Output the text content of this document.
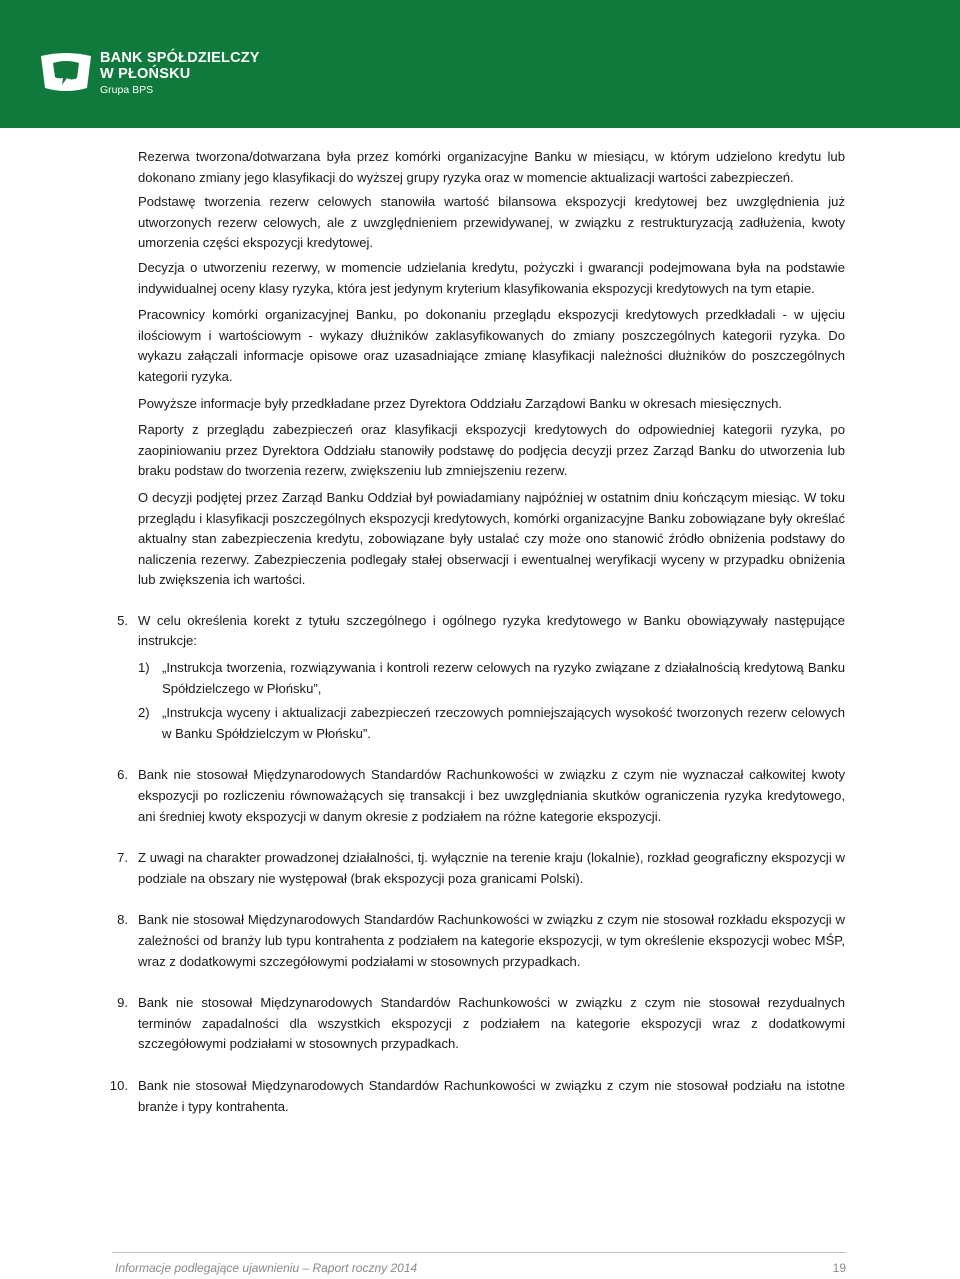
BANK SPÓŁDZIELCZY
W PŁOŃSKU
Grupa BPS

Rezerwa tworzona/dotwarzana była przez komórki organizacyjne Banku w miesiącu, w którym udzielono kredytu lub dokonano zmiany jego klasyfikacji do wyższej grupy ryzyka oraz w momencie aktualizacji wartości zabezpieczeń.

Podstawę tworzenia rezerw celowych stanowiła wartość bilansowa ekspozycji kredytowej bez uwzględnienia już utworzonych rezerw celowych, ale z uwzględnieniem przewidywanej, w związku z restrukturyzacją zadłużenia, kwoty umorzenia części ekspozycji kredytowej.

Decyzja o utworzeniu rezerwy, w momencie udzielania kredytu, pożyczki i gwarancji podejmowana była na podstawie indywidualnej oceny klasy ryzyka, która jest jedynym kryterium klasyfikowania ekspozycji kredytowych na tym etapie.

Pracownicy komórki organizacyjnej Banku, po dokonaniu przeglądu ekspozycji kredytowych przedkładali - w ujęciu ilościowym i wartościowym - wykazy dłużników zaklasyfikowanych do zmiany poszczególnych kategorii ryzyka. Do wykazu załączali informacje opisowe oraz uzasadniające zmianę klasyfikacji należności dłużników do poszczególnych kategorii ryzyka.

Powyższe informacje były przedkładane przez Dyrektora Oddziału Zarządowi Banku w okresach miesięcznych.

Raporty z przeglądu zabezpieczeń oraz klasyfikacji ekspozycji kredytowych do odpowiedniej kategorii ryzyka, po zaopiniowaniu przez Dyrektora Oddziału stanowiły podstawę do podjęcia decyzji przez Zarząd Banku do utworzenia lub braku podstaw do tworzenia rezerw, zwiększeniu lub zmniejszeniu rezerw.

O decyzji podjętej przez Zarząd Banku Oddział był powiadamiany najpóźniej w ostatnim dniu kończącym miesiąc. W toku przeglądu i klasyfikacji poszczególnych ekspozycji kredytowych, komórki organizacyjne Banku zobowiązane były określać aktualny stan zabezpieczenia kredytu, zobowiązane były ustalać czy może ono stanowić źródło obniżenia podstawy do naliczenia rezerwy. Zabezpieczenia podlegały stałej obserwacji i ewentualnej weryfikacji wyceny w przypadku obniżenia lub zwiększenia ich wartości.

5. W celu określenia korekt z tytułu szczególnego i ogólnego ryzyka kredytowego w Banku obowiązywały następujące instrukcje:
1) „Instrukcja tworzenia, rozwiązywania i kontroli rezerw celowych na ryzyko związane z działalnością kredytową Banku Spółdzielczego w Płońsku”,
2) „Instrukcja wyceny i aktualizacji zabezpieczeń rzeczowych pomniejszających wysokość tworzonych rezerw celowych w Banku Spółdzielczym w Płońsku”.
6. Bank nie stosował Międzynarodowych Standardów Rachunkowości w związku z czym nie wyznaczał całkowitej kwoty ekspozycji po rozliczeniu równoważących się transakcji i bez uwzględniania skutków ograniczenia ryzyka kredytowego, ani średniej kwoty ekspozycji w danym okresie z podziałem na różne kategorie ekspozycji.
7. Z uwagi na charakter prowadzonej działalności, tj. wyłącznie na terenie kraju (lokalnie), rozkład geograficzny ekspozycji w podziale na obszary nie występował (brak ekspozycji poza granicami Polski).
8. Bank nie stosował Międzynarodowych Standardów Rachunkowości w związku z czym nie stosował rozkładu ekspozycji w zależności od branży lub typu kontrahenta z podziałem na kategorie ekspozycji, w tym określenie ekspozycji wobec MŚP, wraz z dodatkowymi szczegółowymi podziałami w stosownych przypadkach.
9. Bank nie stosował Międzynarodowych Standardów Rachunkowości w związku z czym nie stosował rezydualnych terminów zapadalności dla wszystkich ekspozycji z podziałem na kategorie ekspozycji wraz z dodatkowymi szczegółowymi podziałami w stosownych przypadkach.
10. Bank nie stosował Międzynarodowych Standardów Rachunkowości w związku z czym nie stosował podziału na istotne branże i typy kontrahenta.
Informacje podlegające ujawnieniu – Raport roczny 2014	19
